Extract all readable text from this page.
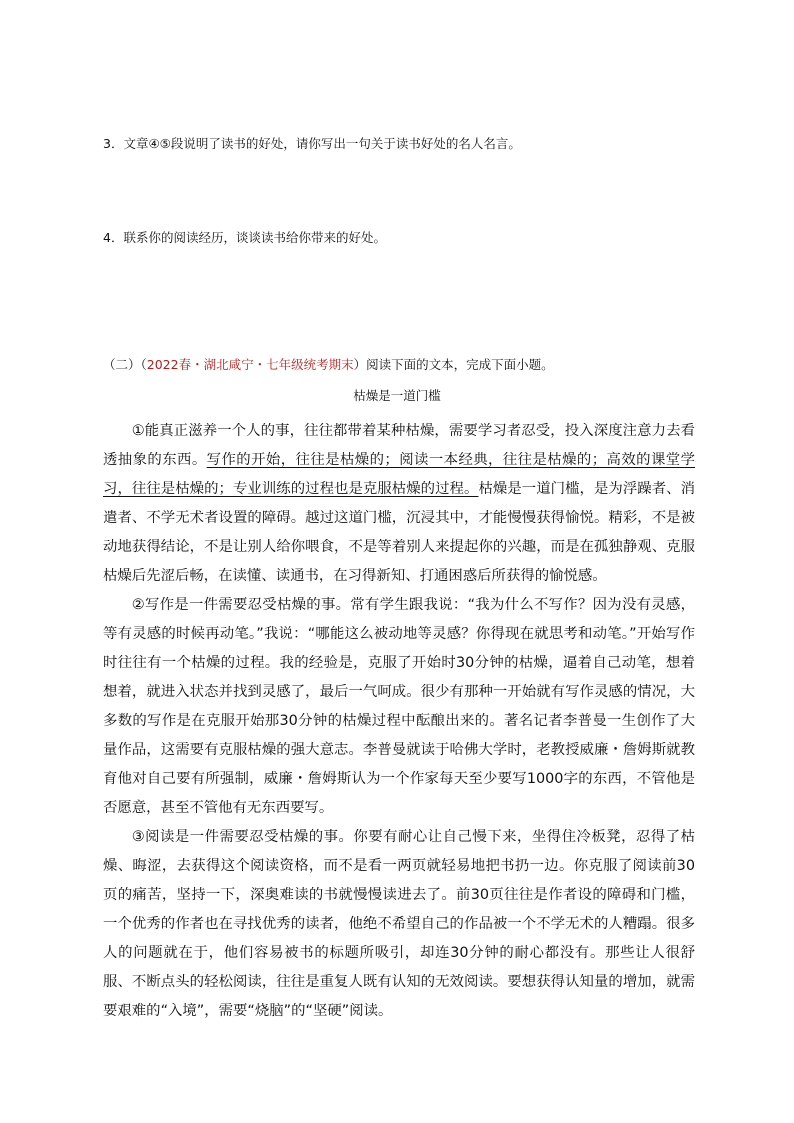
3．文章④⑤段说明了读书的好处，请你写出一句关于读书好处的名人名言。
4．联系你的阅读经历，谈谈读书给你带来的好处。
（二）（2022春・湖北咸宁・七年级统考期末）阅读下面的文本，完成下面小题。
枯燥是一道门槛

①能真正滋养一个人的事，往往都带着某种枯燥，需要学习者忍受，投入深度注意力去看透抽象的东西。写作的开始，往往是枯燥的；阅读一本经典，往往是枯燥的；高效的课堂学习，往往是枯燥的；专业训练的过程也是克服枯燥的过程。枯燥是一道门槛，是为浮躁者、消遣者、不学无术者设置的障碍。越过这道门槛，沉浸其中，才能慢慢获得愉悦。精彩，不是被动地获得结论，不是让别人给你喂食，不是等着别人来提起你的兴趣，而是在孤独静观、克服枯燥后先涩后畅，在读懂、读通书，在习得新知、打通困惑后所获得的愉悦感。

②写作是一件需要忍受枯燥的事。常有学生跟我说：“我为什么不写作？因为没有灵感，等有灵感的时候再动笔。”我说：“哪能这么被动地等灵感？你得现在就思考和动笔。”开始写作时往往有一个枯燥的过程。我的经验是，克服了开始时30分钟的枯燥，逼着自己动笔，想着想着，就进入状态并找到灵感了，最后一气呵成。很少有那种一开始就有写作灵感的情况，大多数的写作是在克服开始那30分钟的枯燥过程中酝酿出来的。著名记者李普曼一生创作了大量作品，这需要有克服枯燥的强大意志。李普曼就读于哈佛大学时，老教授威廉・詹姆斯就教育他对自己要有所强制，威廉・詹姆斯认为一个作家每天至少要写1000字的东西，不管他是否愿意，甚至不管他有无东西要写。

③阅读是一件需要忍受枯燥的事。你要有耐心让自己慢下来，坐得住冷板凳，忍得了枯燥、晦涩，去获得这个阅读资格，而不是看一两页就轻易地把书扔一边。你克服了阅读前30页的痛苦，坚持一下，深奥难读的书就慢慢读进去了。前30页往往是作者设的障碍和门槛，一个优秀的作者也在寻找优秀的读者，他绝不希望自己的作品被一个不学无术的人糟蹋。很多人的问题就在于，他们容易被书的标题所吸引，却连30分钟的耐心都没有。那些让人很舒服、不断点头的轻松阅读，往往是重复人既有认知的无效阅读。要想获得认知量的增加，就需要艰难的“入境”，需要“烧脑”的“坚硬”阅读。
